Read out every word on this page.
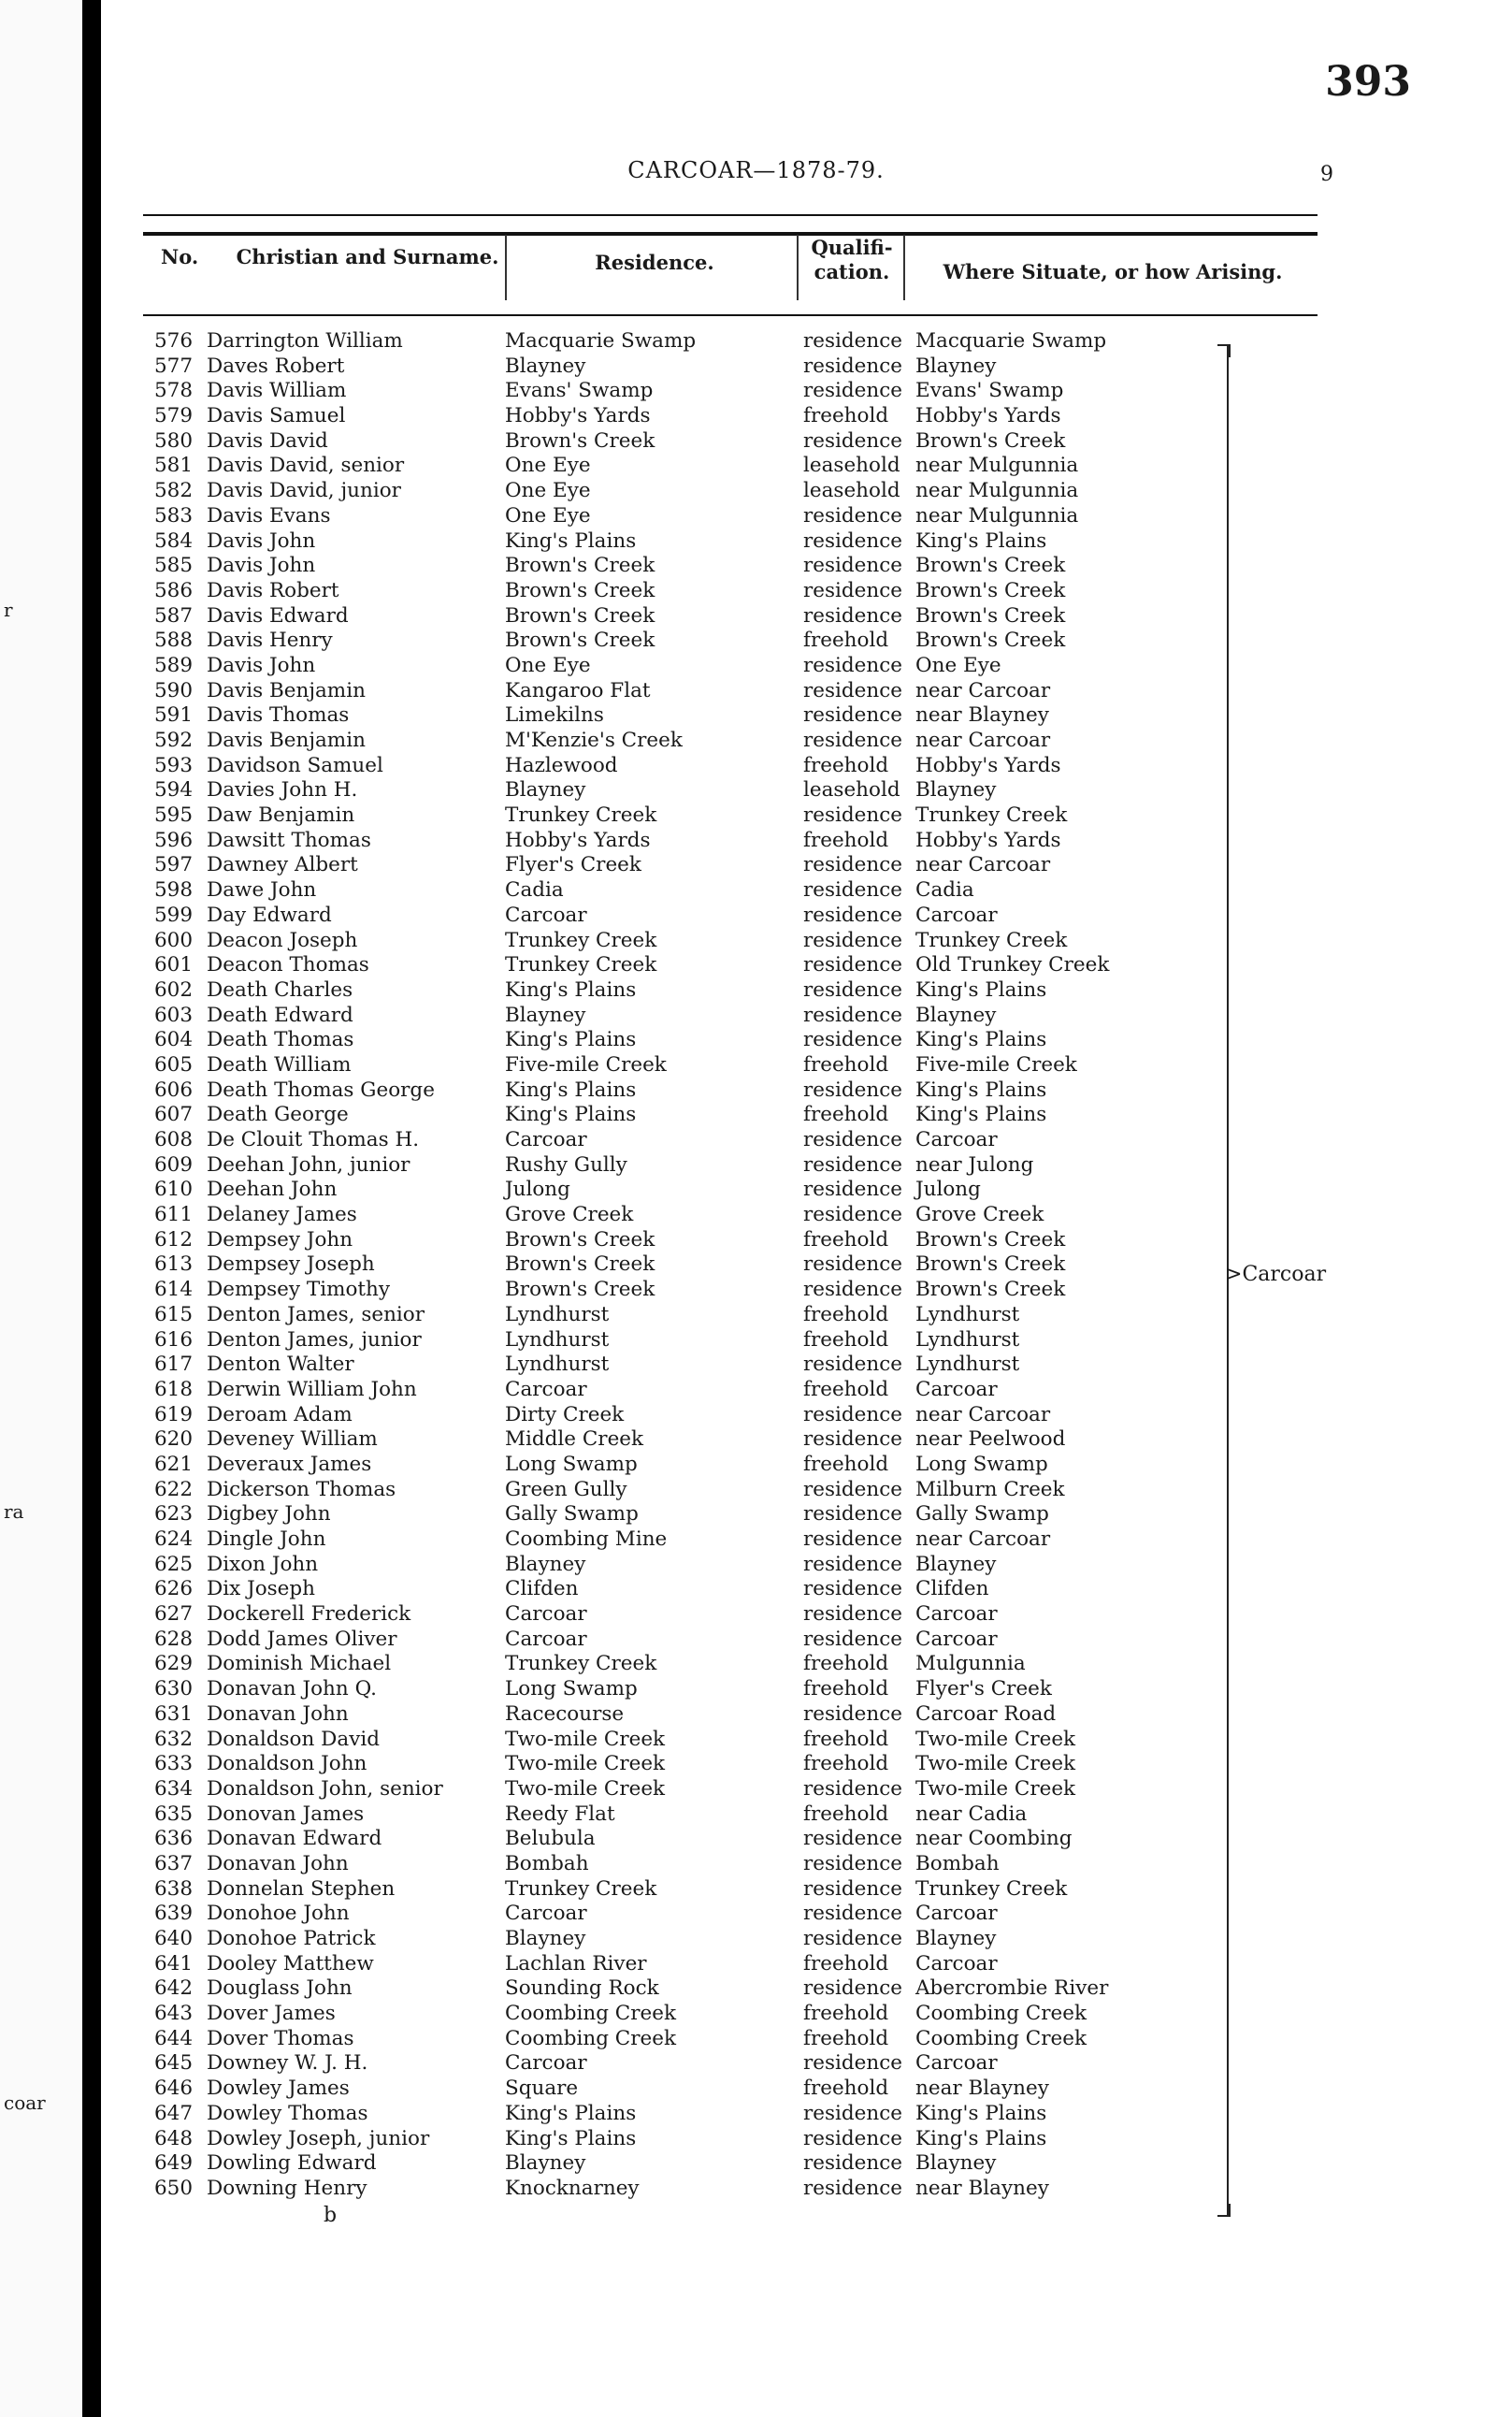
r
ra
coar
393
CARCOAR—1878-79.	9
No. Christian and Surname.	Residence.
Qualifi-
cation.	Where Situate, or how Arising.
576 Darrington William	Macquarie Swamp	residence Macquarie Swamp
577 Daves Robert	Blayney	residence Blayney
578 Davis William	Evans' Swamp	residence Evans' Swamp
579 Davis Samuel	Hobby's Yards	freehold Hobby's Yards
580 Davis David	Brown's Creek	residence Brown's Creek
581 Davis David, senior	One Eye	leasehold near Mulgunnia
582 Davis David, junior	One Eye	leasehold near Mulgunnia
583 Davis Evans	One Eye	residence near Mulgunnia
584 Davis John	King's Plains	residence King's Plains
585 Davis John	Brown's Creek	residence Brown's Creek
586 Davis Robert	Brown's Creek	residence Brown's Creek
587 Davis Edward	Brown's Creek	residence Brown's Creek
588 Davis Henry	Brown's Creek	freehold Brown's Creek
589 Davis John	One Eye	residence One Eye
590 Davis Benjamin	Kangaroo Flat	residence near Carcoar
591 Davis Thomas	Limekilns	residence near Blayney
592 Davis Benjamin	M'Kenzie's Creek	residence near Carcoar
593 Davidson Samuel	Hazlewood	freehold Hobby's Yards
594 Davies John H.	Blayney	leasehold Blayney
595 Daw Benjamin	Trunkey Creek	residence Trunkey Creek
596 Dawsitt Thomas	Hobby's Yards	freehold Hobby's Yards
597 Dawney Albert	Flyer's Creek	residence near Carcoar
598 Dawe John	Cadia	residence Cadia
599 Day Edward	Carcoar	residence Carcoar
600 Deacon Joseph	Trunkey Creek	residence Trunkey Creek
601 Deacon Thomas	Trunkey Creek	residence Old Trunkey Creek
602 Death Charles	King's Plains	residence King's Plains
603 Death Edward	Blayney	residence Blayney
604 Death Thomas	King's Plains	residence King's Plains
605 Death William	Five-mile Creek	freehold Five-mile Creek
606 Death Thomas George	King's Plains	residence King's Plains
607 Death George	King's Plains	freehold King's Plains
608 De Clouit Thomas H.	Carcoar	residence Carcoar
609 Deehan John, junior	Rushy Gully	residence near Julong
610 Deehan John	Julong	residence Julong
611 Delaney James	Grove Creek	residence Grove Creek
612 Dempsey John	Brown's Creek	freehold Brown's Creek
613 Dempsey Joseph	Brown's Creek	residence Brown's Creek
614 Dempsey Timothy	Brown's Creek	residence Brown's Creek
615 Denton James, senior	Lyndhurst	freehold Lyndhurst
616 Denton James, junior	Lyndhurst	freehold Lyndhurst
617 Denton Walter	Lyndhurst	residence Lyndhurst
618 Derwin William John	Carcoar	freehold Carcoar
619 Deroam Adam	Dirty Creek	residence near Carcoar
620 Deveney William	Middle Creek	residence near Peelwood
621 Deveraux James	Long Swamp	freehold Long Swamp
622 Dickerson Thomas	Green Gully	residence Milburn Creek
623 Digbey John	Gally Swamp	residence Gally Swamp
624 Dingle John	Coombing Mine	residence near Carcoar
625 Dixon John	Blayney	residence Blayney
626 Dix Joseph	Clifden	residence Clifden
627 Dockerell Frederick	Carcoar	residence Carcoar
628 Dodd James Oliver	Carcoar	residence Carcoar
629 Dominish Michael	Trunkey Creek	freehold Mulgunnia
630 Donavan John Q.	Long Swamp	freehold Flyer's Creek
631 Donavan John	Racecourse	residence Carcoar Road
632 Donaldson David	Two-mile Creek	freehold Two-mile Creek
633 Donaldson John	Two-mile Creek	freehold Two-mile Creek
634 Donaldson John, senior	Two-mile Creek	residence Two-mile Creek
635 Donovan James	Reedy Flat	freehold near Cadia
636 Donavan Edward	Belubula	residence near Coombing
637 Donavan John	Bombah	residence Bombah
638 Donnelan Stephen	Trunkey Creek	residence Trunkey Creek
639 Donohoe John	Carcoar	residence Carcoar
640 Donohoe Patrick	Blayney	residence Blayney
641 Dooley Matthew	Lachlan River	freehold Carcoar
642 Douglass John	Sounding Rock	residence Abercrombie River
643 Dover James	Coombing Creek	freehold Coombing Creek
644 Dover Thomas	Coombing Creek	freehold Coombing Creek
645 Downey W. J. H.	Carcoar	residence Carcoar
646 Dowley James	Square	freehold near Blayney
647 Dowley Thomas	King's Plains	residence King's Plains
648 Dowley Joseph, junior	King's Plains	residence King's Plains
649 Dowling Edward	Blayney	residence Blayney
650 Downing Henry	Knocknarney	residence near Blayney
>Carcoar
b
